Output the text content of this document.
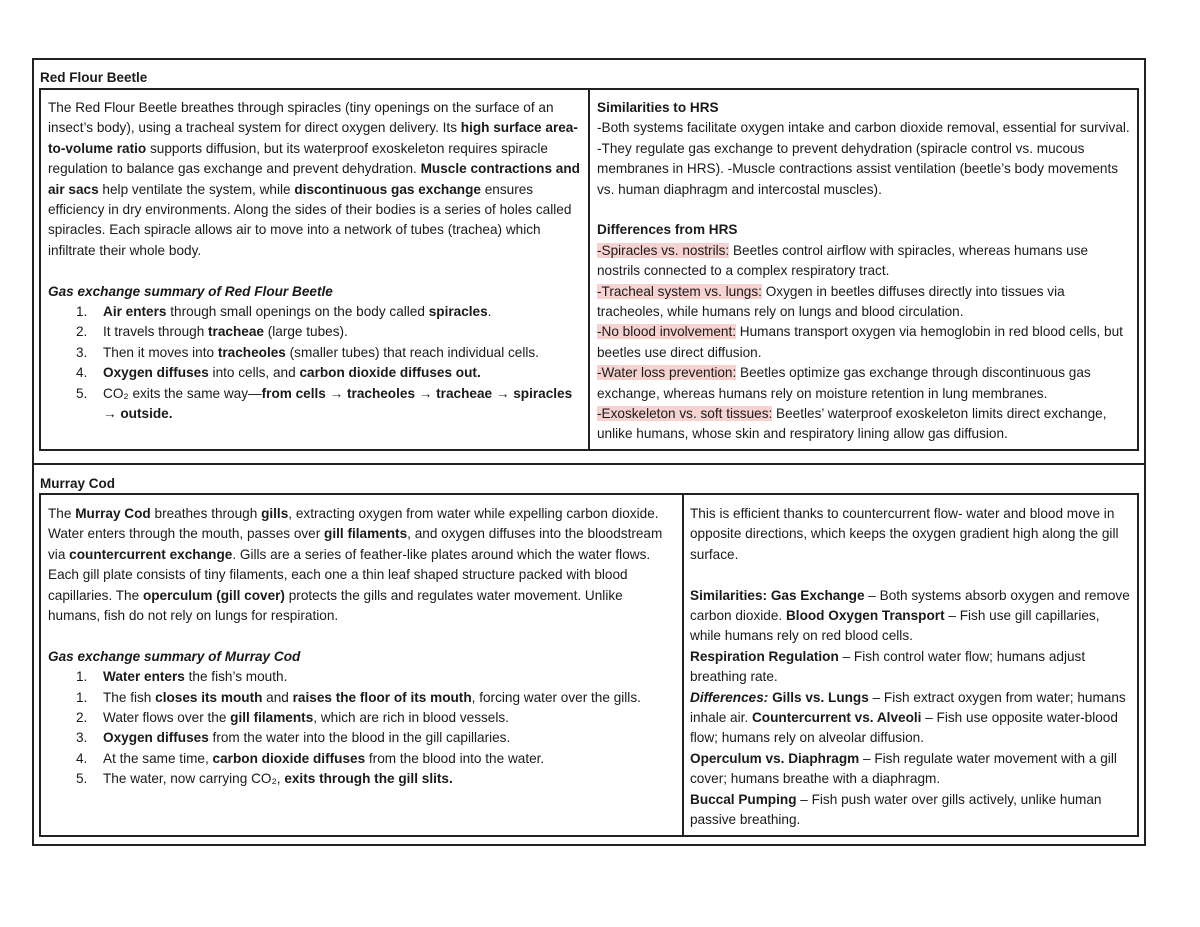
Red Flour Beetle

The Red Flour Beetle breathes through spiracles (tiny openings on the surface of an insect’s body), using a tracheal system for direct oxygen delivery. Its high surface area-to-volume ratio supports diffusion, but its waterproof exoskeleton requires spiracle regulation to balance gas exchange and prevent dehydration. Muscle contractions and air sacs help ventilate the system, while discontinuous gas exchange ensures efficiency in dry environments. Along the sides of their bodies is a series of holes called spiracles. Each spiracle allows air to move into a network of tubes (trachea) which infiltrate their whole body.

Gas exchange summary of Red Flour Beetle

1. Air enters through small openings on the body called spiracles.
2. It travels through tracheae (large tubes).
3. Then it moves into tracheoles (smaller tubes) that reach individual cells.
4. Oxygen diffuses into cells, and carbon dioxide diffuses out.
5. CO₂ exits the same way—from cells → tracheoles → tracheae → spiracles → outside.

Similarities to HRS

-Both systems facilitate oxygen intake and carbon dioxide removal, essential for survival. -They regulate gas exchange to prevent dehydration (spiracle control vs. mucous membranes in HRS). -Muscle contractions assist ventilation (beetle’s body movements vs. human diaphragm and intercostal muscles).

Differences from HRS

-Spiracles vs. nostrils: Beetles control airflow with spiracles, whereas humans use nostrils connected to a complex respiratory tract.

-Tracheal system vs. lungs: Oxygen in beetles diffuses directly into tissues via tracheoles, while humans rely on lungs and blood circulation.

-No blood involvement: Humans transport oxygen via hemoglobin in red blood cells, but beetles use direct diffusion.

-Water loss prevention: Beetles optimize gas exchange through discontinuous gas exchange, whereas humans rely on moisture retention in lung membranes.

-Exoskeleton vs. soft tissues: Beetles’ waterproof exoskeleton limits direct exchange, unlike humans, whose skin and respiratory lining allow gas diffusion.

Murray Cod

The Murray Cod breathes through gills, extracting oxygen from water while expelling carbon dioxide. Water enters through the mouth, passes over gill filaments, and oxygen diffuses into the bloodstream via countercurrent exchange. Gills are a series of feather-like plates around which the water flows. Each gill plate consists of tiny filaments, each one a thin leaf shaped structure packed with blood capillaries. The operculum (gill cover) protects the gills and regulates water movement. Unlike humans, fish do not rely on lungs for respiration.

Gas exchange summary of Murray Cod

1. Water enters the fish’s mouth.
1. The fish closes its mouth and raises the floor of its mouth, forcing water over the gills.
2. Water flows over the gill filaments, which are rich in blood vessels.
3. Oxygen diffuses from the water into the blood in the gill capillaries.
4. At the same time, carbon dioxide diffuses from the blood into the water.
5. The water, now carrying CO₂, exits through the gill slits.

This is efficient thanks to countercurrent flow- water and blood move in opposite directions, which keeps the oxygen gradient high along the gill surface.

Similarities: Gas Exchange – Both systems absorb oxygen and remove carbon dioxide. Blood Oxygen Transport – Fish use gill capillaries, while humans rely on red blood cells.

Respiration Regulation – Fish control water flow; humans adjust breathing rate.

Differences: Gills vs. Lungs – Fish extract oxygen from water; humans inhale air. Countercurrent vs. Alveoli – Fish use opposite water-blood flow; humans rely on alveolar diffusion.

Operculum vs. Diaphragm – Fish regulate water movement with a gill cover; humans breathe with a diaphragm.

Buccal Pumping – Fish push water over gills actively, unlike human passive breathing.
